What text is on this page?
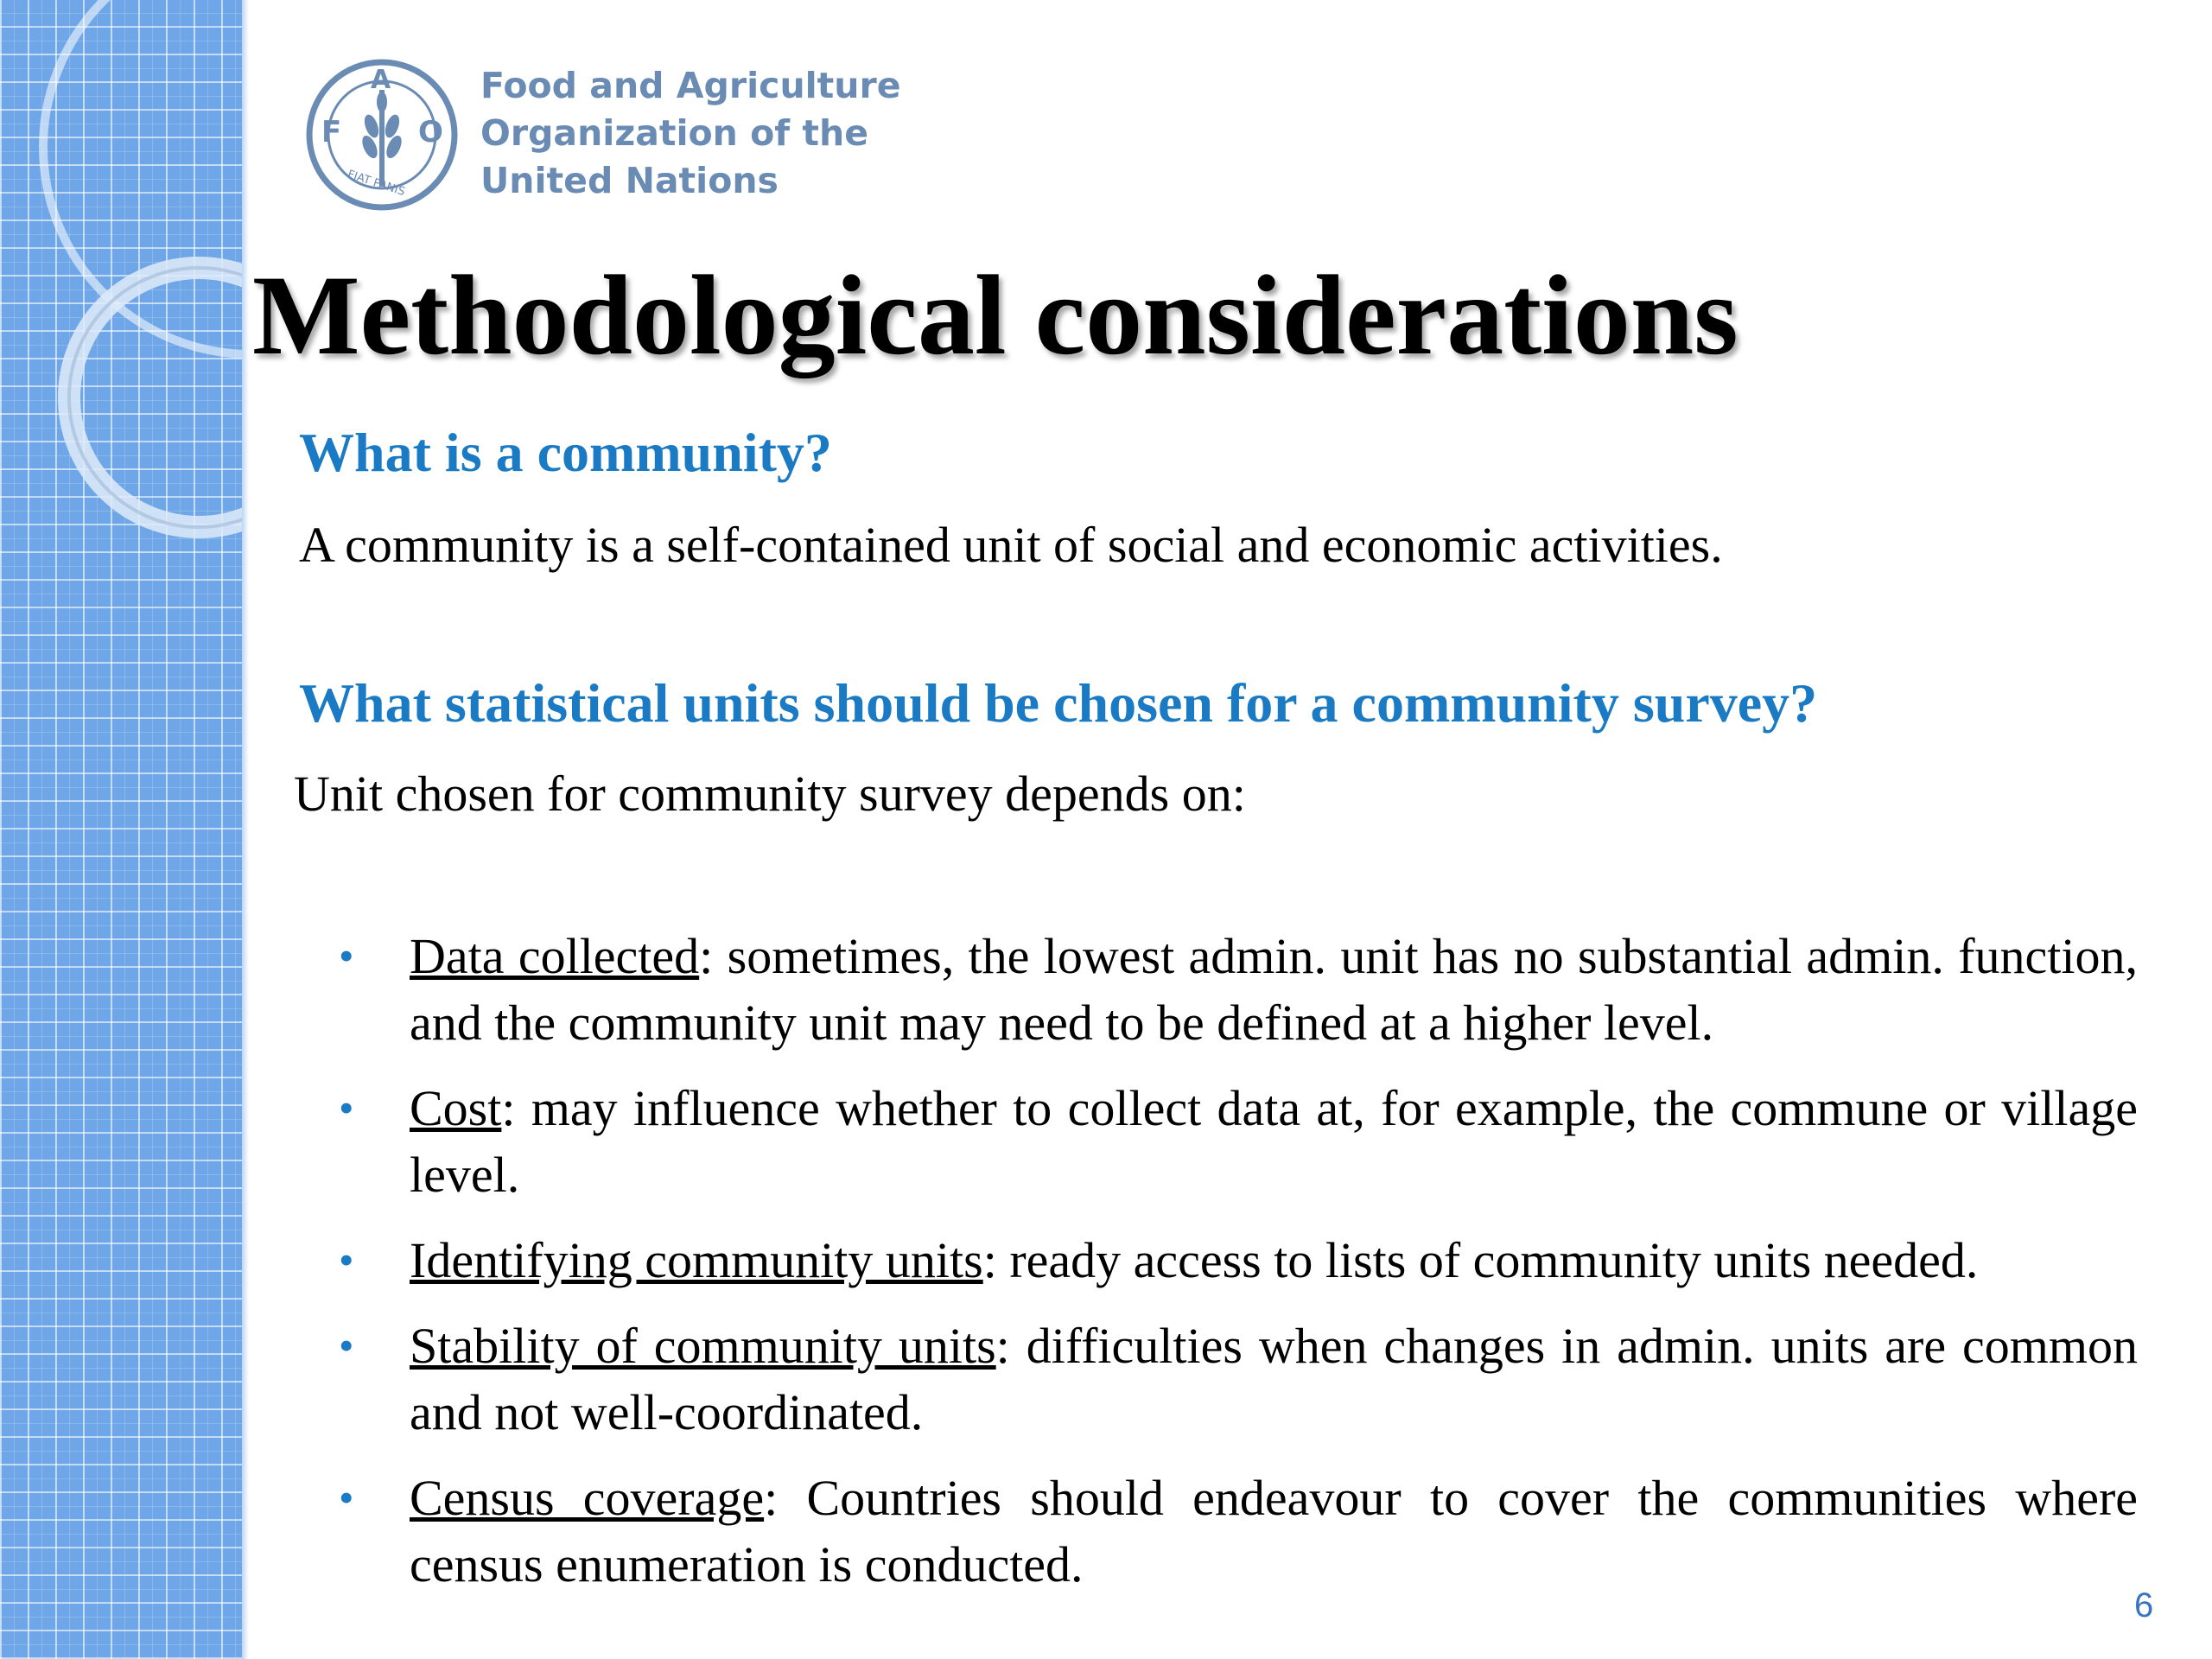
F
A
O
FIAT PANIS
Food and Agriculture
Organization of the
United Nations
Methodological considerations
What is a community?

A community is a self-contained unit of social and economic activities.

What statistical units should be chosen for a community survey?

Unit chosen for community survey depends on:

• Data collected: sometimes, the lowest admin. unit has no substantial admin. function, and the community unit may need to be defined at a higher level.
• Cost: may influence whether to collect data at, for example, the commune or village level.
• Identifying community units: ready access to lists of community units needed.
• Stability of community units: difficulties when changes in admin. units are common and not well-coordinated.
• Census coverage: Countries should endeavour to cover the communities where census enumeration is conducted.
6
